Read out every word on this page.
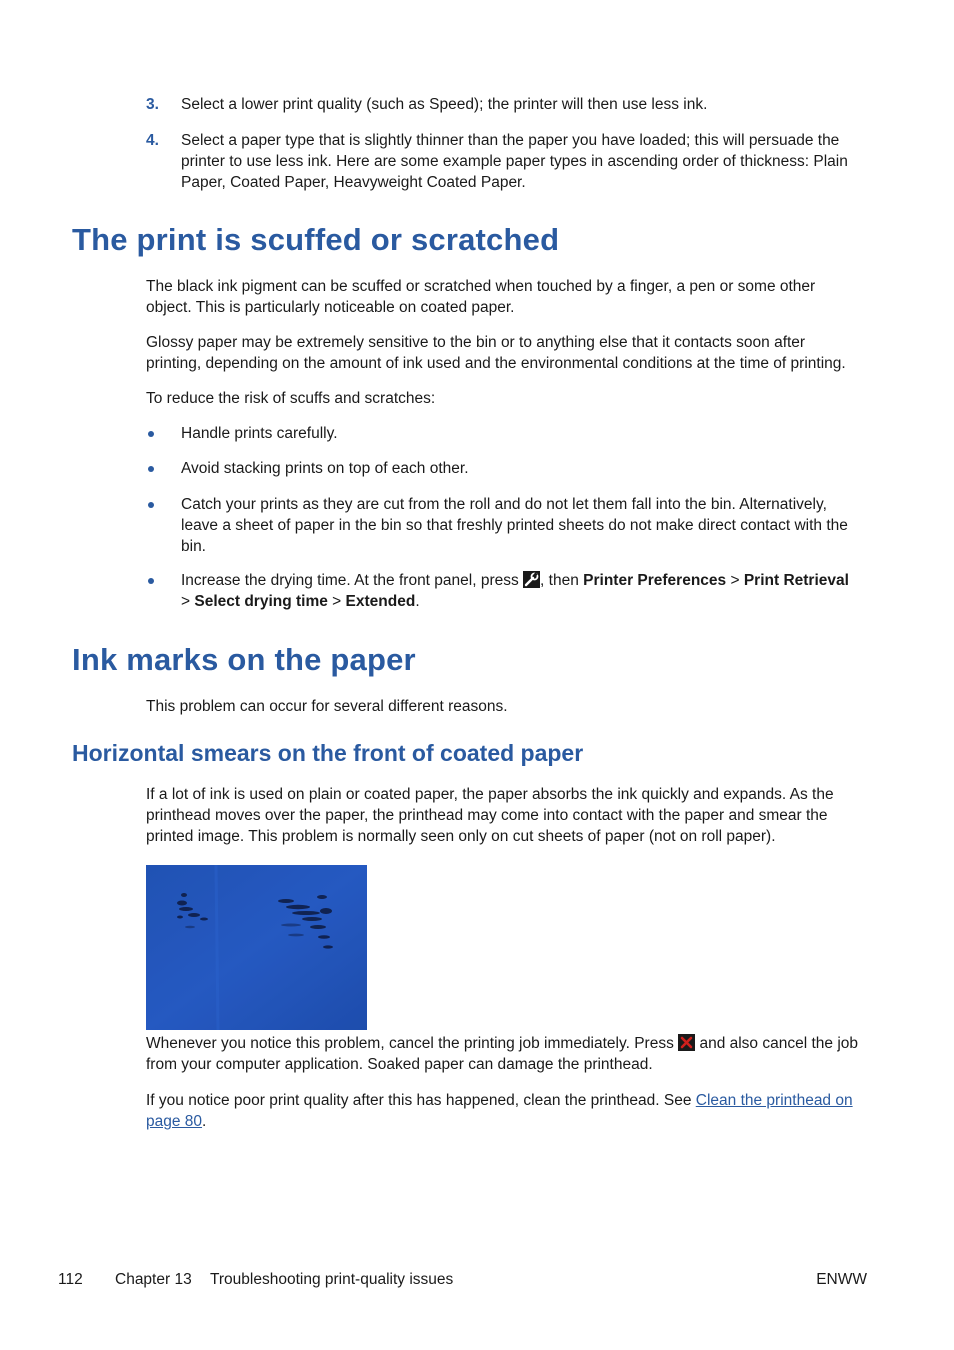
3. Select a lower print quality (such as Speed); the printer will then use less ink.
4. Select a paper type that is slightly thinner than the paper you have loaded; this will persuade the printer to use less ink. Here are some example paper types in ascending order of thickness: Plain Paper, Coated Paper, Heavyweight Coated Paper.
The print is scuffed or scratched

The black ink pigment can be scuffed or scratched when touched by a finger, a pen or some other object. This is particularly noticeable on coated paper.

Glossy paper may be extremely sensitive to the bin or to anything else that it contacts soon after printing, depending on the amount of ink used and the environmental conditions at the time of printing.

To reduce the risk of scuffs and scratches:

Handle prints carefully.
Avoid stacking prints on top of each other.
Catch your prints as they are cut from the roll and do not let them fall into the bin. Alternatively, leave a sheet of paper in the bin so that freshly printed sheets do not make direct contact with the bin.
Increase the drying time. At the front panel, press , then Printer Preferences > Print Retrieval > Select drying time > Extended.
Ink marks on the paper

This problem can occur for several different reasons.

Horizontal smears on the front of coated paper

If a lot of ink is used on plain or coated paper, the paper absorbs the ink quickly and expands. As the printhead moves over the paper, the printhead may come into contact with the paper and smear the printed image. This problem is normally seen only on cut sheets of paper (not on roll paper).

Whenever you notice this problem, cancel the printing job immediately. Press  and also cancel the job from your computer application. Soaked paper can damage the printhead.

If you notice poor print quality after this has happened, clean the printhead. See Clean the printhead on page 80.

112 Chapter 13 Troubleshooting print-quality issues	ENWW
